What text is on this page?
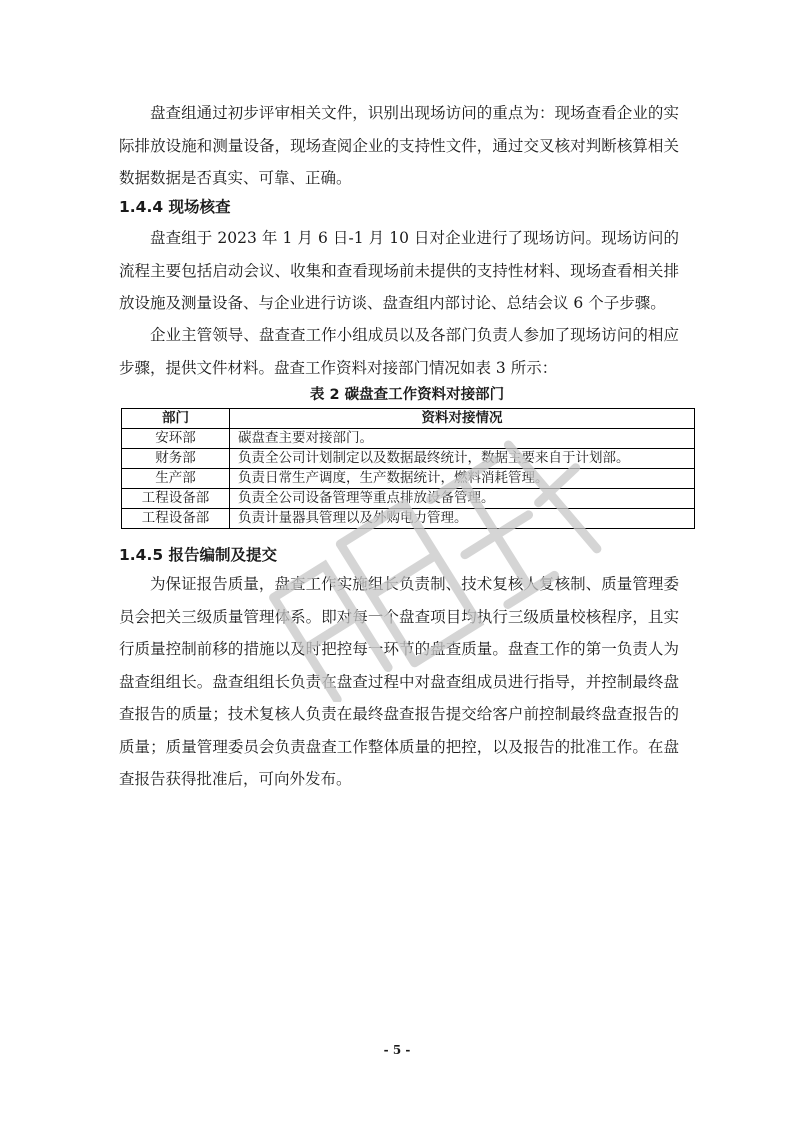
盘查组通过初步评审相关文件，识别出现场访问的重点为：现场查看企业的实际排放设施和测量设备，现场查阅企业的支持性文件，通过交叉核对判断核算相关数据数据是否真实、可靠、正确。

1.4.4 现场核查

盘查组于 2023 年 1 月 6 日-1 月 10 日对企业进行了现场访问。现场访问的流程主要包括启动会议、收集和查看现场前未提供的支持性材料、现场查看相关排放设施及测量设备、与企业进行访谈、盘查组内部讨论、总结会议 6 个子步骤。

企业主管领导、盘查查工作小组成员以及各部门负责人参加了现场访问的相应步骤，提供文件材料。盘查工作资料对接部门情况如表 3 所示：

表 2 碳盘查工作资料对接部门

部门	资料对接情况
安环部	碳盘查主要对接部门。
财务部	负责全公司计划制定以及数据最终统计，数据主要来自于计划部。
生产部	负责日常生产调度，生产数据统计，燃料消耗管理。
工程设备部	负责全公司设备管理等重点排放设备管理。
工程设备部	负责计量器具管理以及外购电力管理。

1.4.5 报告编制及提交

为保证报告质量，盘查工作实施组长负责制、技术复核人复核制、质量管理委员会把关三级质量管理体系。即对每一个盘查项目均执行三级质量校核程序，且实行质量控制前移的措施以及时把控每一环节的盘查质量。盘查工作的第一负责人为盘查组组长。盘查组组长负责在盘查过程中对盘查组成员进行指导，并控制最终盘查报告的质量；技术复核人负责在最终盘查报告提交给客户前控制最终盘查报告的质量；质量管理委员会负责盘查工作整体质量的把控，以及报告的批准工作。在盘查报告获得批准后，可向外发布。

- 5 -
